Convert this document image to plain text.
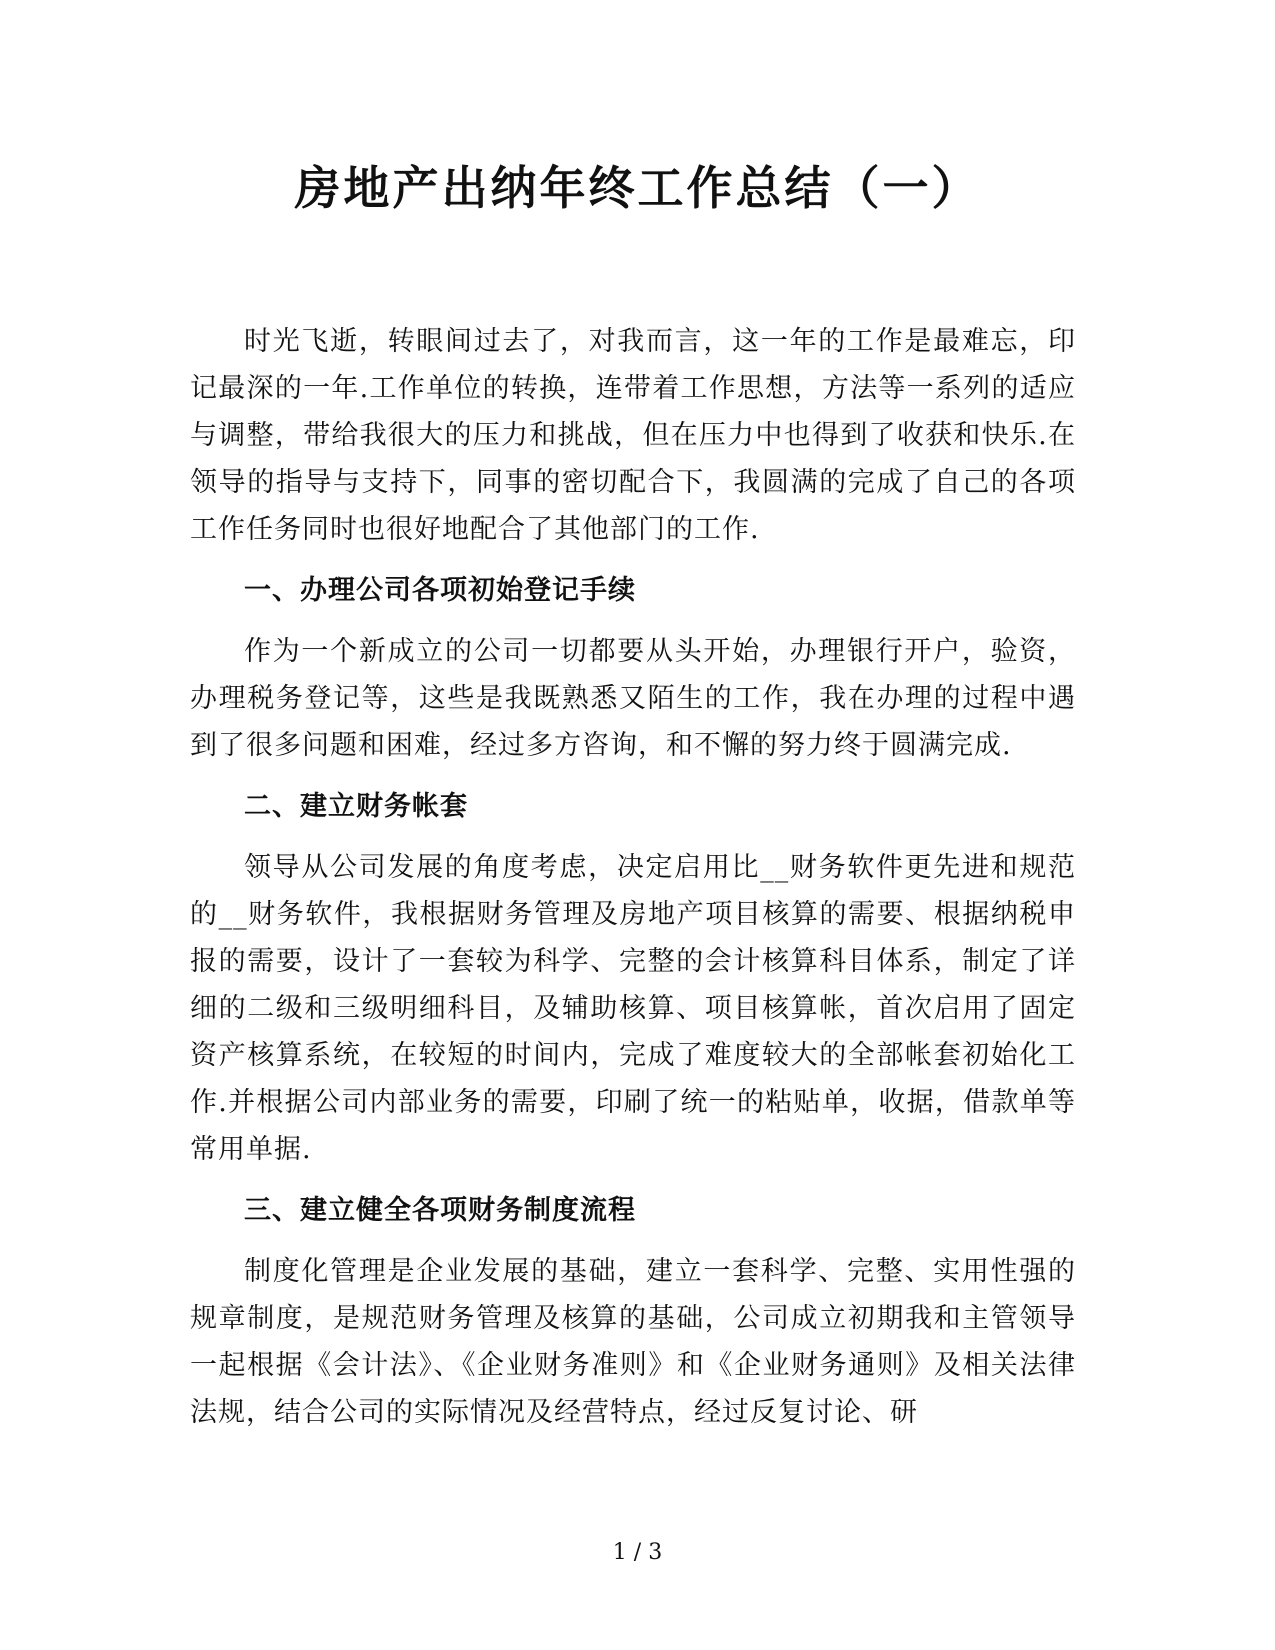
房地产出纳年终工作总结（一）

时光飞逝，转眼间过去了，对我而言，这一年的工作是最难忘，印记最深的一年.工作单位的转换，连带着工作思想，方法等一系列的适应与调整，带给我很大的压力和挑战，但在压力中也得到了收获和快乐.在领导的指导与支持下，同事的密切配合下，我圆满的完成了自己的各项工作任务同时也很好地配合了其他部门的工作.

一、办理公司各项初始登记手续

作为一个新成立的公司一切都要从头开始，办理银行开户，验资，办理税务登记等，这些是我既熟悉又陌生的工作，我在办理的过程中遇到了很多问题和困难，经过多方咨询，和不懈的努力终于圆满完成.

二、建立财务帐套

领导从公司发展的角度考虑，决定启用比__财务软件更先进和规范的__财务软件，我根据财务管理及房地产项目核算的需要、根据纳税申报的需要，设计了一套较为科学、完整的会计核算科目体系，制定了详细的二级和三级明细科目，及辅助核算、项目核算帐，首次启用了固定资产核算系统，在较短的时间内，完成了难度较大的全部帐套初始化工作.并根据公司内部业务的需要，印刷了统一的粘贴单，收据，借款单等常用单据.

三、建立健全各项财务制度流程

制度化管理是企业发展的基础，建立一套科学、完整、实用性强的规章制度，是规范财务管理及核算的基础，公司成立初期我和主管领导一起根据《会计法》、《企业财务准则》和《企业财务通则》及相关法律法规，结合公司的实际情况及经营特点，经过反复讨论、研

1 / 3
